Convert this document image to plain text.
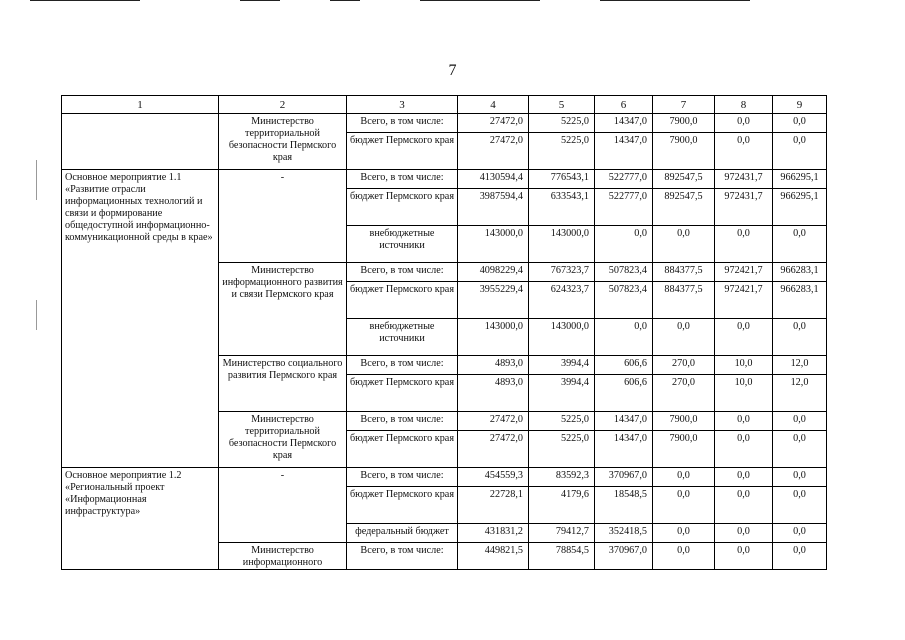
7
1	2	3	4	5	6	7	8	9
	Министерство территориальной безопасности Пермского края	Всего, в том числе:	27472,0	5225,0	14347,0	7900,0	0,0	0,0
		бюджет Пермского края	27472,0	5225,0	14347,0	7900,0	0,0	0,0
Основное мероприятие 1.1 «Развитие отрасли информационных технологий и связи и формирование общедоступной информационно-коммуникационной среды в крае»	-	Всего, в том числе:	4130594,4	776543,1	522777,0	892547,5	972431,7	966295,1
		бюджет Пермского края	3987594,4	633543,1	522777,0	892547,5	972431,7	966295,1
		внебюджетные источники	143000,0	143000,0	0,0	0,0	0,0	0,0
	Министерство информационного развития и связи Пермского края	Всего, в том числе:	4098229,4	767323,7	507823,4	884377,5	972421,7	966283,1
		бюджет Пермского края	3955229,4	624323,7	507823,4	884377,5	972421,7	966283,1
		внебюджетные источники	143000,0	143000,0	0,0	0,0	0,0	0,0
	Министерство социального развития Пермского края	Всего, в том числе:	4893,0	3994,4	606,6	270,0	10,0	12,0
		бюджет Пермского края	4893,0	3994,4	606,6	270,0	10,0	12,0
	Министерство территориальной безопасности Пермского края	Всего, в том числе:	27472,0	5225,0	14347,0	7900,0	0,0	0,0
		бюджет Пермского края	27472,0	5225,0	14347,0	7900,0	0,0	0,0
Основное мероприятие 1.2 «Региональный проект «Информационная инфраструктура»	-	Всего, в том числе:	454559,3	83592,3	370967,0	0,0	0,0	0,0
		бюджет Пермского края	22728,1	4179,6	18548,5	0,0	0,0	0,0
		федеральный бюджет	431831,2	79412,7	352418,5	0,0	0,0	0,0
	Министерство информационного	Всего, в том числе:	449821,5	78854,5	370967,0	0,0	0,0	0,0
